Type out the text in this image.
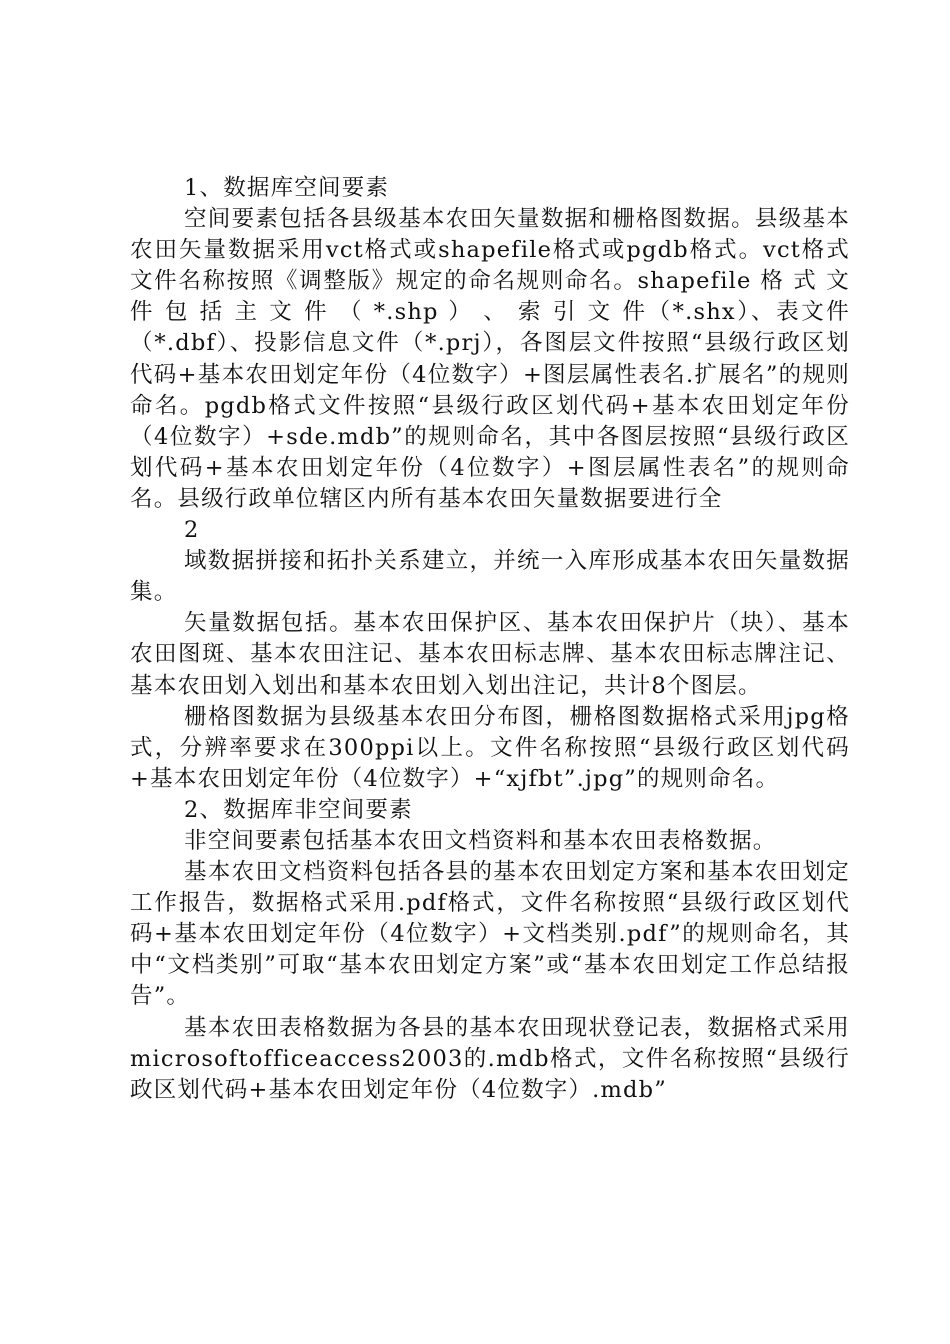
1、数据库空间要素

空间要素包括各县级基本农田矢量数据和栅格图数据。县级基本农田矢量数据采用vct格式或shapefile格式或pgdb格式。vct格式文件名称按照《调整版》规定的命名规则命名。shapefile 格 式 文 件 包 括 主 文 件 （ *.shp ） 、 索 引 文 件（*.shx）、表文件（*.dbf）、投影信息文件（*.prj），各图层文件按照“县级行政区划代码+基本农田划定年份（4位数字）+图层属性表名.扩展名”的规则命名。pgdb格式文件按照“县级行政区划代码+基本农田划定年份（4位数字）+sde.mdb”的规则命名，其中各图层按照“县级行政区划代码+基本农田划定年份（4位数字）+图层属性表名”的规则命名。县级行政单位辖区内所有基本农田矢量数据要进行全

2

域数据拼接和拓扑关系建立，并统一入库形成基本农田矢量数据集。

矢量数据包括。基本农田保护区、基本农田保护片（块）、基本农田图斑、基本农田注记、基本农田标志牌、基本农田标志牌注记、基本农田划入划出和基本农田划入划出注记，共计8个图层。

栅格图数据为县级基本农田分布图，栅格图数据格式采用jpg格式，分辨率要求在300ppi以上。文件名称按照“县级行政区划代码+基本农田划定年份（4位数字）+“xjfbt”.jpg”的规则命名。

2、数据库非空间要素

非空间要素包括基本农田文档资料和基本农田表格数据。

基本农田文档资料包括各县的基本农田划定方案和基本农田划定工作报告，数据格式采用.pdf格式，文件名称按照“县级行政区划代码+基本农田划定年份（4位数字）+文档类别.pdf”的规则命名，其中“文档类别”可取“基本农田划定方案”或“基本农田划定工作总结报告”。

基本农田表格数据为各县的基本农田现状登记表，数据格式采用microsoftofficeaccess2003的.mdb格式，文件名称按照“县级行政区划代码+基本农田划定年份（4位数字）.mdb”
